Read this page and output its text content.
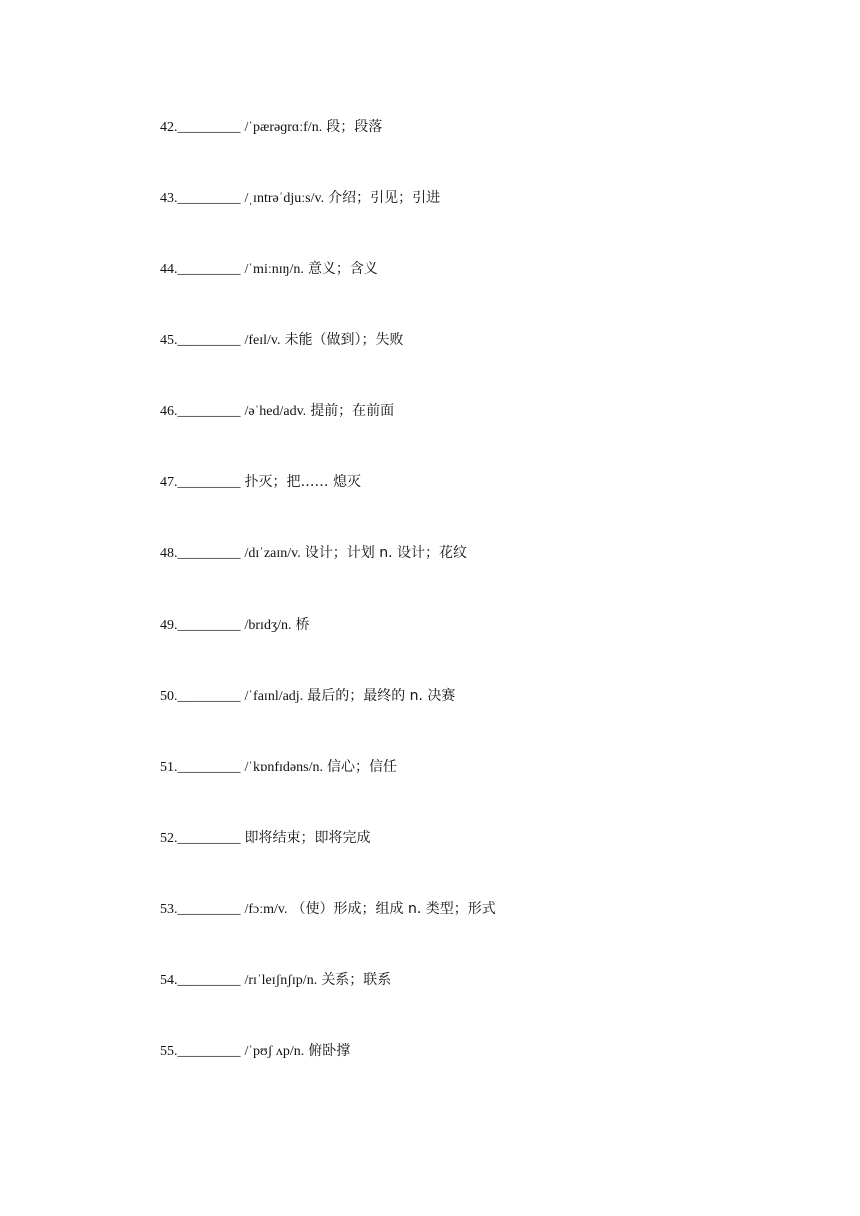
42._________ /ˈpærəɡrɑːf/n. 段；段落
43._________ /ˌɪntrəˈdjuːs/v. 介绍；引见；引进
44._________ /ˈmiːnɪŋ/n. 意义；含义
45._________ /feɪl/v. 未能（做到）；失败
46._________ /əˈhed/adv. 提前；在前面
47._________ 扑灭；把…… 熄灭
48._________ /dɪˈzaɪn/v. 设计；计划 n. 设计；花纹
49._________ /brɪdʒ/n. 桥
50._________ /ˈfaɪnl/adj. 最后的；最终的 n. 决赛
51._________ /ˈkɒnfɪdəns/n. 信心；信任
52._________ 即将结束；即将完成
53._________ /fɔːm/v. （使）形成；组成 n. 类型；形式
54._________ /rɪˈleɪʃnʃɪp/n. 关系；联系
55._________ /ˈpʊʃ ʌp/n. 俯卧撑
